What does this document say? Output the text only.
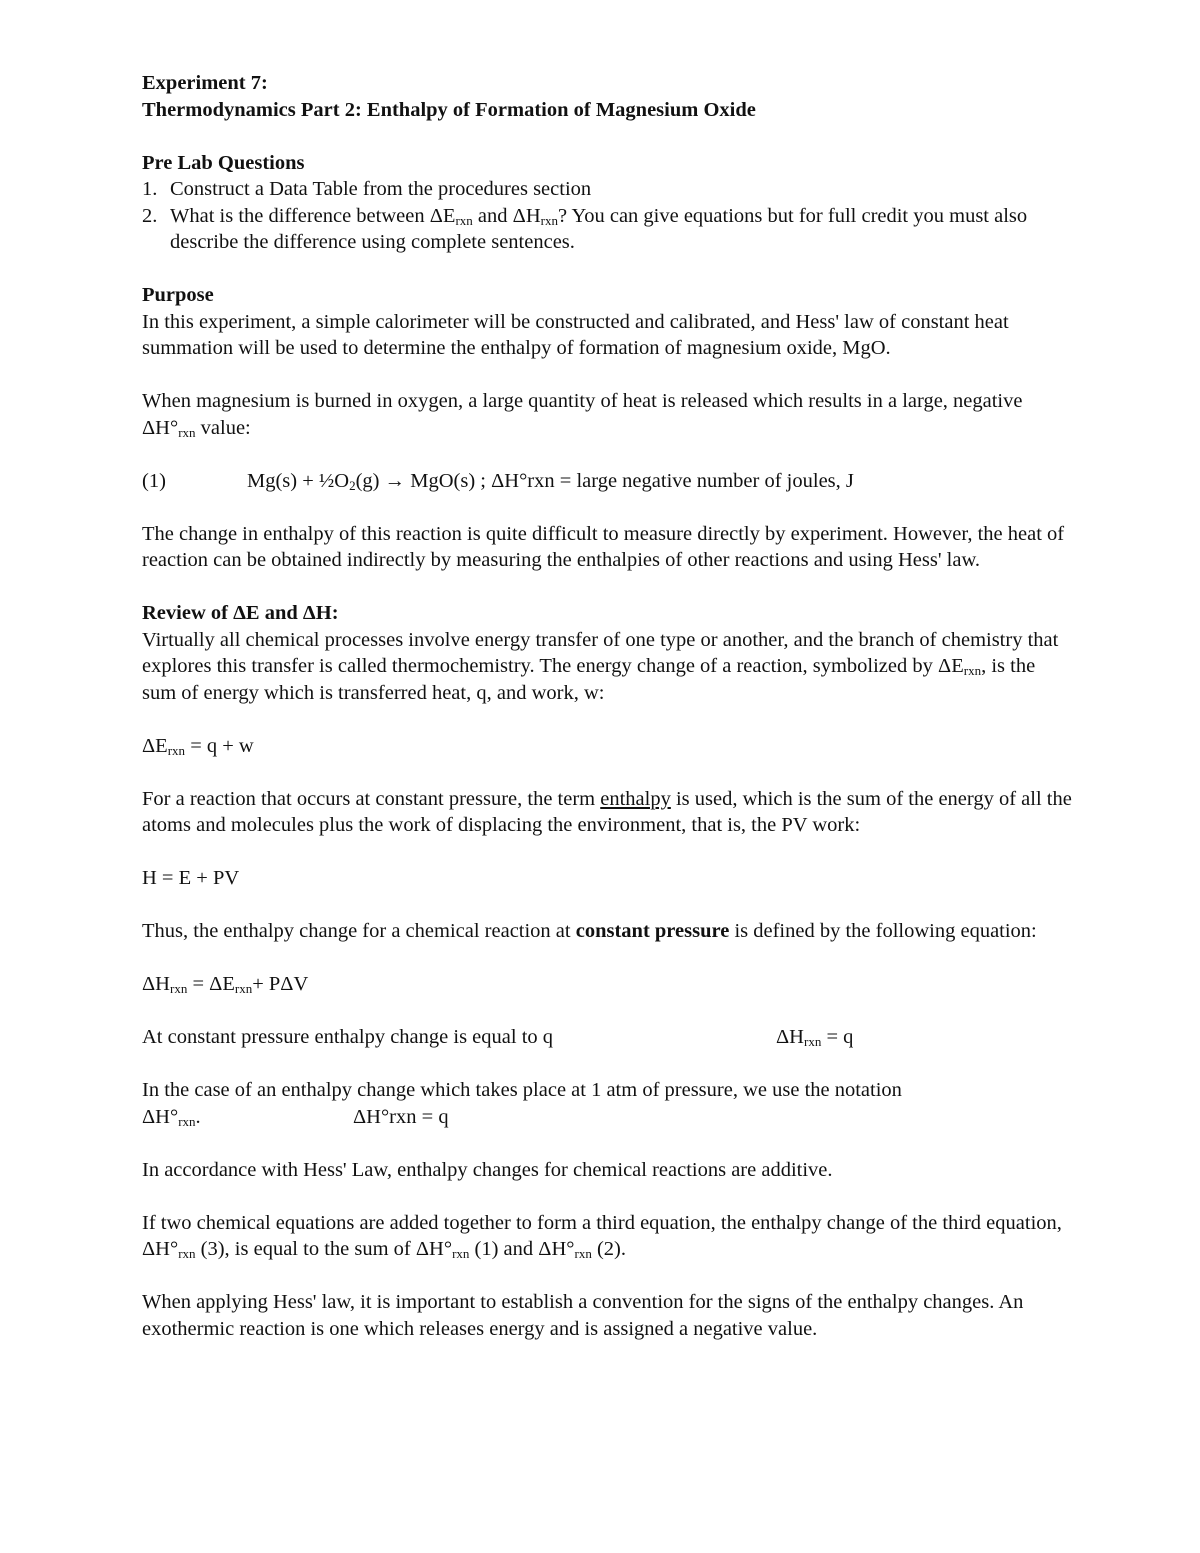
Experiment 7:

Thermodynamics Part 2: Enthalpy of Formation of Magnesium Oxide

Pre Lab Questions

1. Construct a Data Table from the procedures section
2. What is the difference between $\Delta E_{rxn}$ and $\Delta H_{rxn}$? You can give equations but for full credit you must also describe the difference using complete sentences.

Purpose

In this experiment, a simple calorimeter will be constructed and calibrated, and Hess' law of constant heat summation will be used to determine the enthalpy of formation of magnesium oxide, MgO.

When magnesium is burned in oxygen, a large quantity of heat is released which results in a large, negative $\Delta H^\circ_{rxn}$ value:

(1)	$Mg(s) + \frac{1}{2}O_2(g) \to MgO(s)$ ; ΔH°rxn = large negative number of joules, J

The change in enthalpy of this reaction is quite difficult to measure directly by experiment. However, the heat of reaction can be obtained indirectly by measuring the enthalpies of other reactions and using Hess' law.

Review of ΔE and ΔH:

Virtually all chemical processes involve energy transfer of one type or another, and the branch of chemistry that explores this transfer is called thermochemistry. The energy change of a reaction, symbolized by $\Delta E_{rxn}$, is the sum of energy which is transferred heat, q, and work, w:

$\Delta E_{rxn} = q + w$

For a reaction that occurs at constant pressure, the term enthalpy is used, which is the sum of the energy of all the atoms and molecules plus the work of displacing the environment, that is, the PV work:

H = E + PV

Thus, the enthalpy change for a chemical reaction at constant pressure is defined by the following equation:

$\Delta H_{rxn} = \Delta E_{rxn}+ P\Delta V$

At constant pressure enthalpy change is equal to q	$\Delta H_{rxn} = q$

In the case of an enthalpy change which takes place at 1 atm of pressure, we use the notation

$\Delta H^\circ_{rxn}$.	ΔH°rxn = q

In accordance with Hess' Law, enthalpy changes for chemical reactions are additive.

If two chemical equations are added together to form a third equation, the enthalpy change of the third equation, $\Delta H^\circ_{rxn}$ (3), is equal to the sum of $\Delta H^\circ_{rxn}$ (1) and $\Delta H^\circ_{rxn}$ (2).

When applying Hess' law, it is important to establish a convention for the signs of the enthalpy changes. An exothermic reaction is one which releases energy and is assigned a negative value.
